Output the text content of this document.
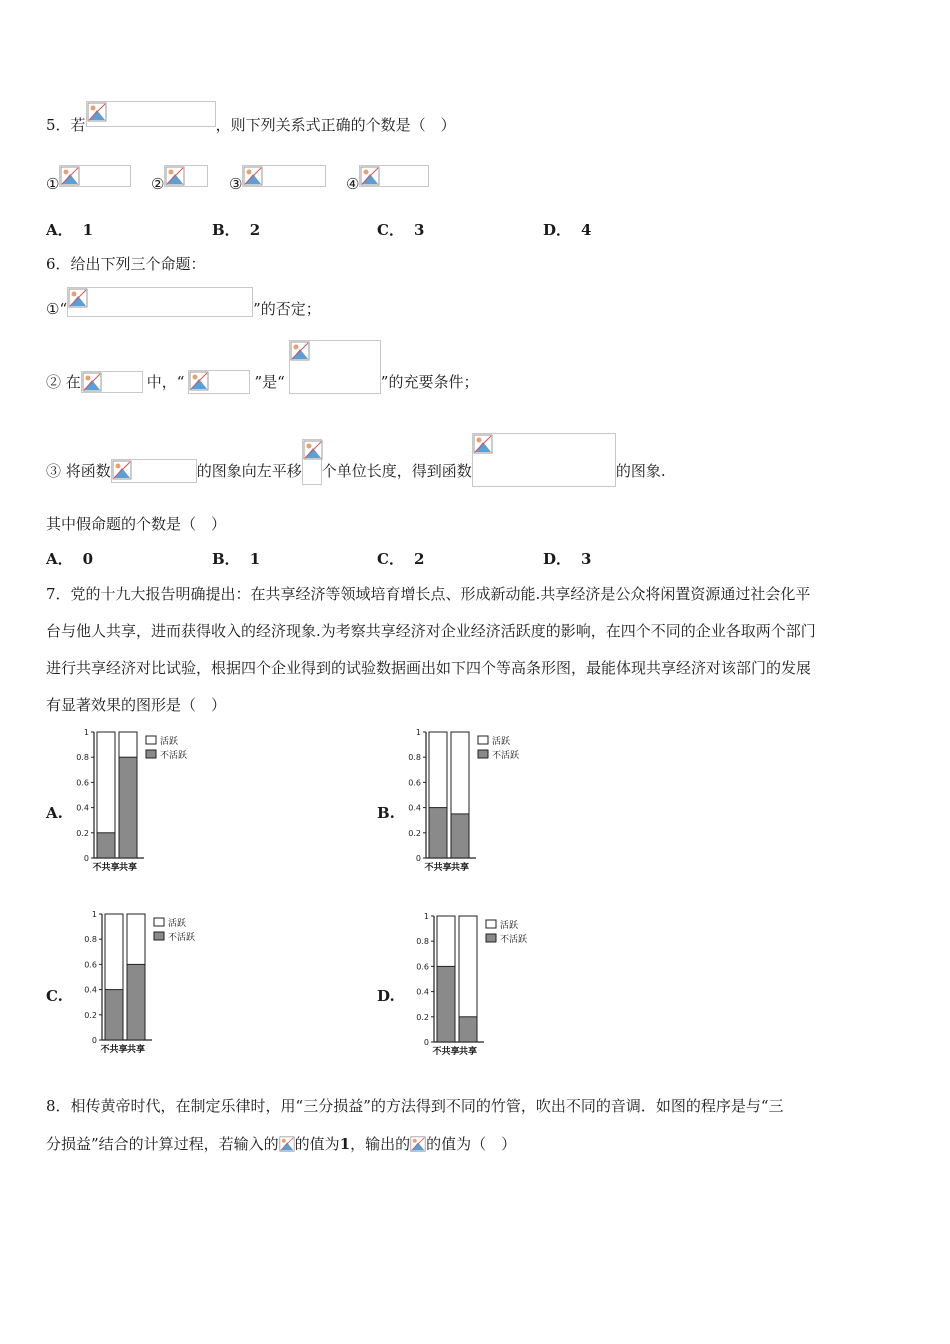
5．若	，则下列关系式正确的个数是（　）
①	②	③	④
A． 1	B． 2	C． 3	D． 4
6．给出下列三个命题：
①“	”的否定；
② 在	中，“	”是“	”的充要条件；
③ 将函数	的图象向左平移 个单位长度，得到函数	的图象.
其中假命题的个数是（　）
A． 0	B． 1	C． 2	D． 3
7．党的十九大报告明确提出：在共享经济等领域培育增长点、形成新动能.共享经济是公众将闲置资源通过社会化平
台与他人共享，进而获得收入的经济现象.为考察共享经济对企业经济活跃度的影响，在四个不同的企业各取两个部门
进行共享经济对比试验，根据四个企业得到的试验数据画出如下四个等高条形图，最能体现共享经济对该部门的发展
有显著效果的图形是（　）
A.
0
0.2
0.4
0.6
0.8
1
不共享 共享
活跃
不活跃
B.
0
0.2
0.4
0.6
0.8
1
不共享 共享
活跃
不活跃
C.
0
0.2
0.4
0.6
0.8
1
不共享 共享
活跃
不活跃
D.
0
0.2
0.4
0.6
0.8
1
不共享 共享
活跃
不活跃
8．相传黄帝时代，在制定乐律时，用“三分损益”的方法得到不同的竹管，吹出不同的音调．如图的程序是与“三
分损益”结合的计算过程，若输入的 的值为1，输出的 的值为（　）
